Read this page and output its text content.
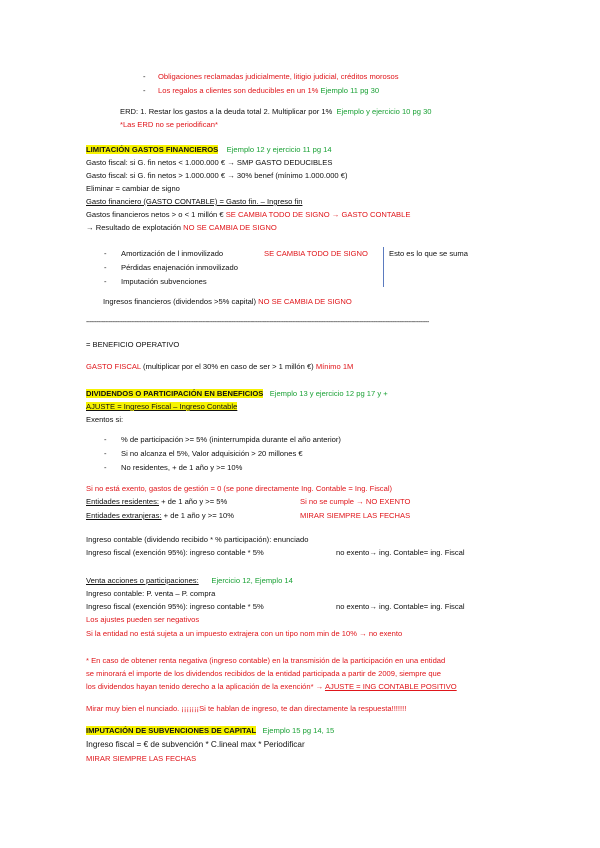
- Obligaciones reclamadas judicialmente, litigio judicial, créditos morosos
- Los regalos a clientes son deducibles en un 1% Ejemplo 11 pg 30
ERD: 1. Restar los gastos a la deuda total 2. Multiplicar por 1% Ejemplo y ejercicio 10 pg 30
*Las ERD no se periodifican*
LIMITACIÓN GASTOS FINANCIEROS Ejemplo 12 y ejercicio 11 pg 14
Gasto fiscal: si G. fin netos < 1.000.000 € → SMP GASTO DEDUCIBLES
Gasto fiscal: si G. fin netos > 1.000.000 € → 30% benef (mínimo 1.000.000 €)
Eliminar = cambiar de signo
Gasto financiero (GASTO CONTABLE) = Gasto fin. – Ingreso fin
Gastos financieros netos > o < 1 millón € SE CAMBIA TODO DE SIGNO → GASTO CONTABLE
→ Resultado de explotación NO SE CAMBIA DE SIGNO
- Amortización de l inmovilizado	SE CAMBIA TODO DE SIGNO	Esto es lo que se suma
- Pérdidas enajenación inmovilizado
- Imputación subvenciones
Ingresos financieros (dividendos >5% capital) NO SE CAMBIA DE SIGNO
------------------------------------------------------------------------------------------------------------------------------------------------------------------------------------------------------
= BENEFICIO OPERATIVO
GASTO FISCAL (multiplicar por el 30% en caso de ser > 1 millón €) Mínimo 1M
DIVIDENDOS O PARTICIPACIÓN EN BENEFICIOS Ejemplo 13 y ejercicio 12 pg 17 y +
AJUSTE = Ingreso Fiscal – Ingreso Contable
Exentos si:
- % de participación >= 5% (ininterrumpida durante el año anterior)
- Si no alcanza el 5%, Valor adquisición > 20 millones €
- No residentes, + de 1 año y >= 10%
Si no está exento, gastos de gestión = 0 (se pone directamente Ing. Contable = Ing. Fiscal)
Entidades residentes: + de 1 año y >= 5%	Si no se cumple → NO EXENTO
Entidades extranjeras: + de 1 año y >= 10%	MIRAR SIEMPRE LAS FECHAS
Ingreso contable (dividendo recibido * % participación): enunciado
Ingreso fiscal (exención 95%): ingreso contable * 5%	no exento→ ing. Contable= ing. Fiscal
Venta acciones o participaciones: Ejercicio 12, Ejemplo 14
Ingreso contable: P. venta – P. compra
Ingreso fiscal (exención 95%): ingreso contable * 5%	no exento→ ing. Contable= ing. Fiscal
Los ajustes pueden ser negativos
Si la entidad no está sujeta a un impuesto extrajera con un tipo nom min de 10% → no exento
* En caso de obtener renta negativa (ingreso contable) en la transmisión de la participación en una entidad
se minorará el importe de los dividendos recibidos de la entidad participada a partir de 2009, siempre que
los dividendos hayan tenido derecho a la aplicación de la exención* → AJUSTE = ING CONTABLE POSITIVO
Mirar muy bien el nunciado. ¡¡¡¡¡¡¡Si te hablan de ingreso, te dan directamente la respuesta!!!!!!!
IMPUTACIÓN DE SUBVENCIONES DE CAPITAL Ejemplo 15 pg 14, 15
Ingreso fiscal = € de subvención * C.lineal max * Periodificar
MIRAR SIEMPRE LAS FECHAS
